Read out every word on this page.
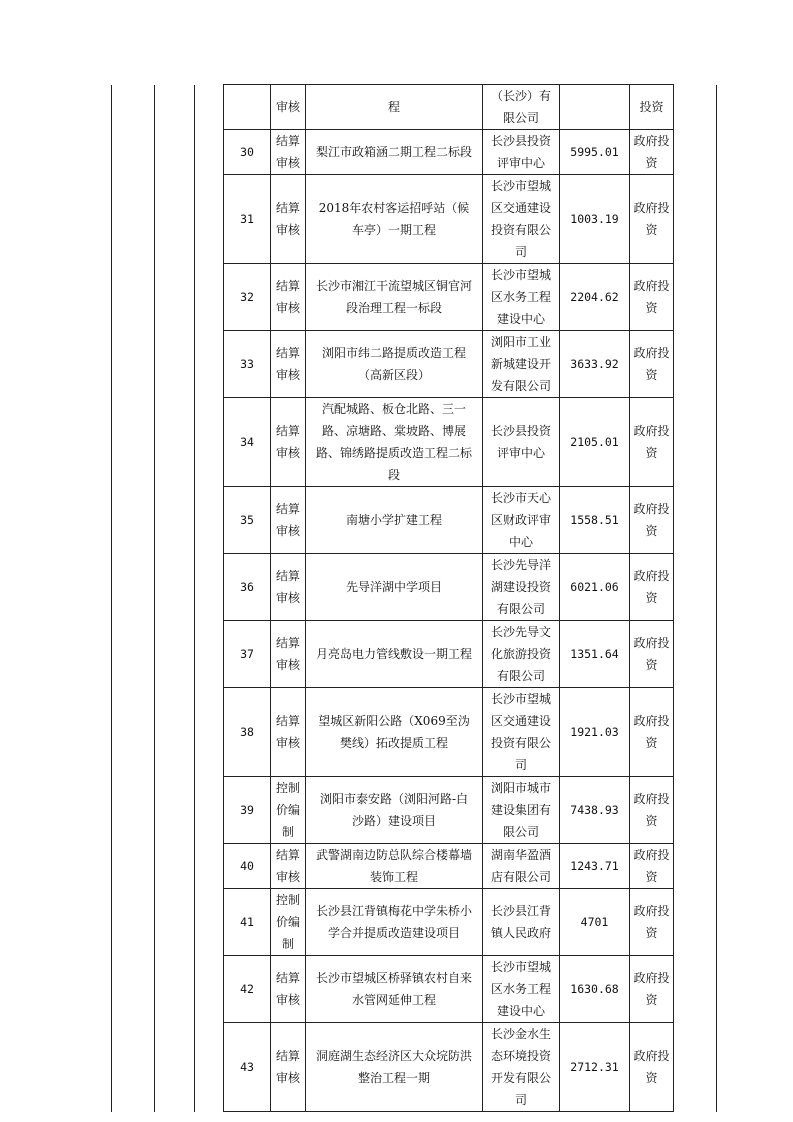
				审核	程	（长沙）有限公司		投资	
			30	结算审核	梨江市政箱涵二期工程二标段	长沙县投资评审中心	5995.01	政府投资	
			31	结算审核	2018年农村客运招呼站（候车亭）一期工程	长沙市望城区交通建设投资有限公司	1003.19	政府投资	
			32	结算审核	长沙市湘江干流望城区铜官河段治理工程一标段	长沙市望城区水务工程建设中心	2204.62	政府投资	
			33	结算审核	浏阳市纬二路提质改造工程（高新区段）	浏阳市工业新城建设开发有限公司	3633.92	政府投资	
			34	结算审核	汽配城路、板仓北路、三一路、凉塘路、棠坡路、博展路、锦绣路提质改造工程二标段	长沙县投资评审中心	2105.01	政府投资	
			35	结算审核	南塘小学扩建工程	长沙市天心区财政评审中心	1558.51	政府投资	
			36	结算审核	先导洋湖中学项目	长沙先导洋湖建设投资有限公司	6021.06	政府投资	
			37	结算审核	月亮岛电力管线敷设一期工程	长沙先导文化旅游投资有限公司	1351.64	政府投资	
			38	结算审核	望城区新阳公路（X069至沩樊线）拓改提质工程	长沙市望城区交通建设投资有限公司	1921.03	政府投资	
			39	控制价编制	浏阳市泰安路（浏阳河路-白沙路）建设项目	浏阳市城市建设集团有限公司	7438.93	政府投资	
			40	结算审核	武警湖南边防总队综合楼幕墙装饰工程	湖南华盈酒店有限公司	1243.71	政府投资	
			41	控制价编制	长沙县江背镇梅花中学朱桥小学合并提质改造建设项目	长沙县江背镇人民政府	4701	政府投资	
			42	结算审核	长沙市望城区桥驿镇农村自来水管网延伸工程	长沙市望城区水务工程建设中心	1630.68	政府投资	
			43	结算审核	洞庭湖生态经济区大众垸防洪整治工程一期	长沙金水生态环境投资开发有限公司	2712.31	政府投资	
